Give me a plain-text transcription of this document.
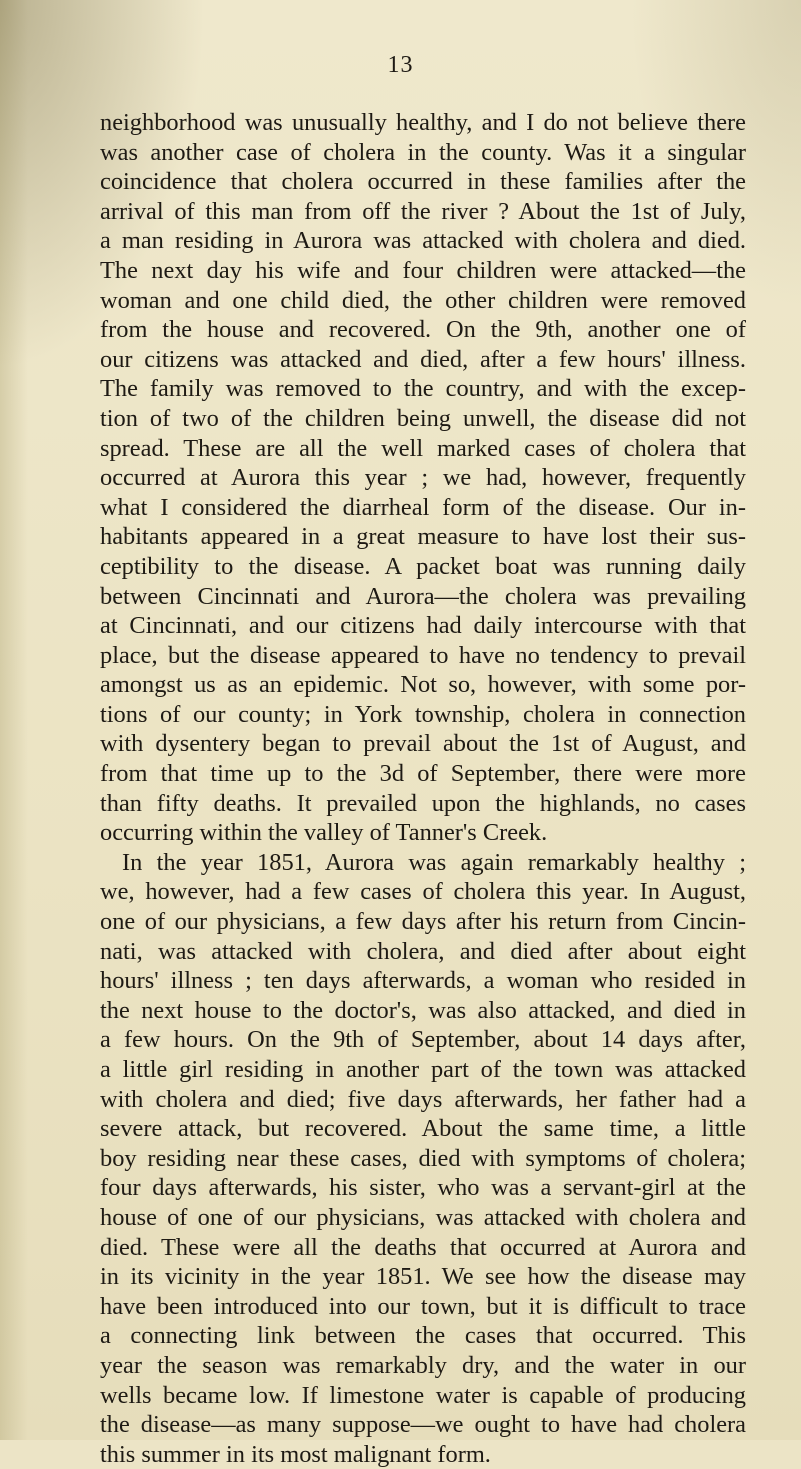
13
neighborhood was unusually healthy, and I do not believe there
was another case of cholera in the county. Was it a singular
coincidence that cholera occurred in these families after the
arrival of this man from off the river ? About the 1st of July,
a man residing in Aurora was attacked with cholera and died.
The next day his wife and four children were attacked—the
woman and one child died, the other children were removed
from the house and recovered. On the 9th, another one of
our citizens was attacked and died, after a few hours' illness.
The family was removed to the country, and with the excep-
tion of two of the children being unwell, the disease did not
spread. These are all the well marked cases of cholera that
occurred at Aurora this year ; we had, however, frequently
what I considered the diarrheal form of the disease. Our in-
habitants appeared in a great measure to have lost their sus-
ceptibility to the disease. A packet boat was running daily
between Cincinnati and Aurora—the cholera was prevailing
at Cincinnati, and our citizens had daily intercourse with that
place, but the disease appeared to have no tendency to prevail
amongst us as an epidemic. Not so, however, with some por-
tions of our county; in York township, cholera in connection
with dysentery began to prevail about the 1st of August, and
from that time up to the 3d of September, there were more
than fifty deaths. It prevailed upon the highlands, no cases
occurring within the valley of Tanner's Creek.
In the year 1851, Aurora was again remarkably healthy ;
we, however, had a few cases of cholera this year. In August,
one of our physicians, a few days after his return from Cincin-
nati, was attacked with cholera, and died after about eight
hours' illness ; ten days afterwards, a woman who resided in
the next house to the doctor's, was also attacked, and died in
a few hours. On the 9th of September, about 14 days after,
a little girl residing in another part of the town was attacked
with cholera and died; five days afterwards, her father had a
severe attack, but recovered. About the same time, a little
boy residing near these cases, died with symptoms of cholera;
four days afterwards, his sister, who was a servant-girl at the
house of one of our physicians, was attacked with cholera and
died. These were all the deaths that occurred at Aurora and
in its vicinity in the year 1851. We see how the disease may
have been introduced into our town, but it is difficult to trace
a connecting link between the cases that occurred. This
year the season was remarkably dry, and the water in our
wells became low. If limestone water is capable of producing
the disease—as many suppose—we ought to have had cholera
this summer in its most malignant form.
